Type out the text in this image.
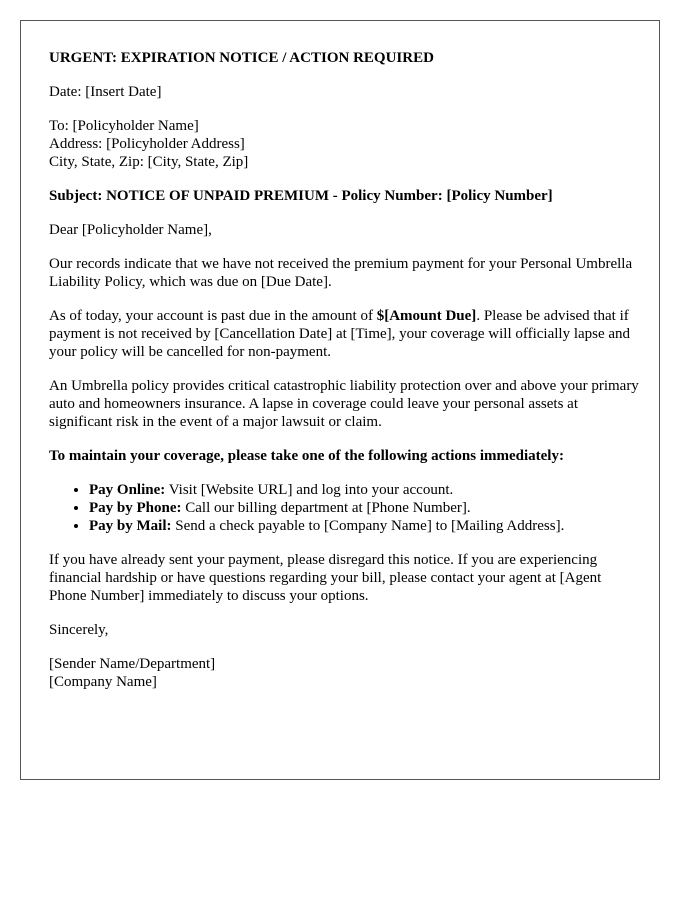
URGENT: EXPIRATION NOTICE / ACTION REQUIRED

Date: [Insert Date]

To: [Policyholder Name]
Address: [Policyholder Address]
City, State, Zip: [City, State, Zip]

Subject: NOTICE OF UNPAID PREMIUM - Policy Number: [Policy Number]

Dear [Policyholder Name],

Our records indicate that we have not received the premium payment for your Personal Umbrella Liability Policy, which was due on [Due Date].

As of today, your account is past due in the amount of $[Amount Due]. Please be advised that if payment is not received by [Cancellation Date] at [Time], your coverage will officially lapse and your policy will be cancelled for non-payment.

An Umbrella policy provides critical catastrophic liability protection over and above your primary auto and homeowners insurance. A lapse in coverage could leave your personal assets at significant risk in the event of a major lawsuit or claim.

To maintain your coverage, please take one of the following actions immediately:

• Pay Online: Visit [Website URL] and log into your account.
• Pay by Phone: Call our billing department at [Phone Number].
• Pay by Mail: Send a check payable to [Company Name] to [Mailing Address].

If you have already sent your payment, please disregard this notice. If you are experiencing financial hardship or have questions regarding your bill, please contact your agent at [Agent Phone Number] immediately to discuss your options.

Sincerely,

[Sender Name/Department]
[Company Name]
